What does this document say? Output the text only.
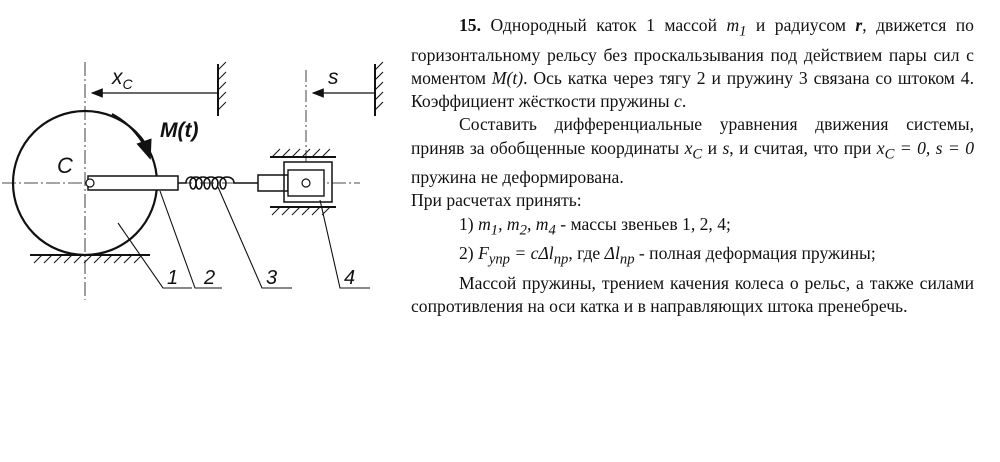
$x_C$	s
M(t)
C
1 2	3	4

15. Однородный каток 1 массой $m_1$ и радиусом r, движется по горизонтальному рельсу без проскальзывания под действием пары сил с моментом M(t). Ось катка через тягу 2 и пружину 3 связана со штоком 4. Коэффициент жёсткости пружины c.

Составить дифференциальные уравнения движения системы, приняв за обобщенные координаты $x_C$ и s, и считая, что при $x_C = 0$, s = 0 пружина не деформирована.

При расчетах принять:

1) $m_1$, $m_2$, $m_4$ - массы звеньев 1, 2, 4;

2) $F_{упр} = c\Delta l_{пр}$, где $\Delta l_{пр}$ - полная деформация пружины;

Массой пружины, трением качения колеса о рельс, а также силами сопротивления на оси катка и в направляющих штока пренебречь.
